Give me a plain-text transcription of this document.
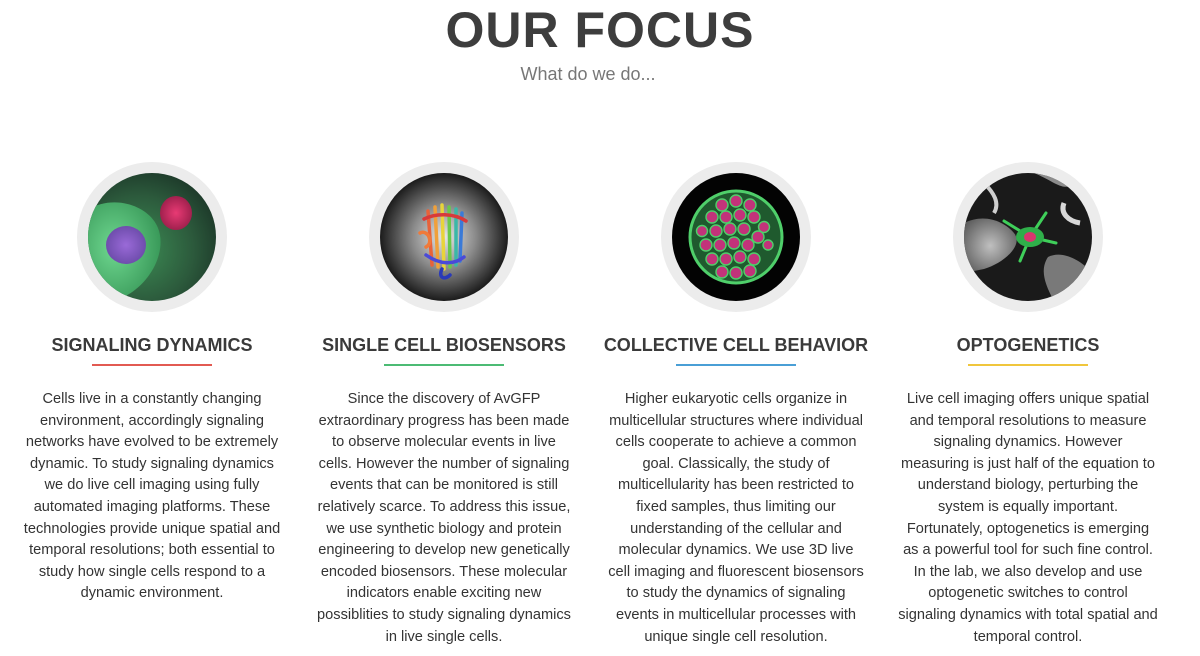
OUR FOCUS
What do we do...
SIGNALING DYNAMICS

Cells live in a constantly changing environment, accordingly signaling networks have evolved to be extremely dynamic. To study signaling dynamics we do live cell imaging using fully automated imaging platforms. These technologies provide unique spatial and temporal resolutions; both essential to study how single cells respond to a dynamic environment.

SINGLE CELL BIOSENSORS

Since the discovery of AvGFP extraordinary progress has been made to observe molecular events in live cells. However the number of signaling events that can be monitored is still relatively scarce. To address this issue, we use synthetic biology and protein engineering to develop new genetically encoded biosensors. These molecular indicators enable exciting new possiblities to study signaling dynamics in live single cells.

COLLECTIVE CELL BEHAVIOR

Higher eukaryotic cells organize in multicellular structures where individual cells cooperate to achieve a common goal. Classically, the study of multicellularity has been restricted to fixed samples, thus limiting our understanding of the cellular and molecular dynamics. We use 3D live cell imaging and fluorescent biosensors to study the dynamics of signaling events in multicellular processes with unique single cell resolution.

OPTOGENETICS

Live cell imaging offers unique spatial and temporal resolutions to measure signaling dynamics. However measuring is just half of the equation to understand biology, perturbing the system is equally important. Fortunately, optogenetics is emerging as a powerful tool for such fine control. In the lab, we also develop and use optogenetic switches to control signaling dynamics with total spatial and temporal control.
